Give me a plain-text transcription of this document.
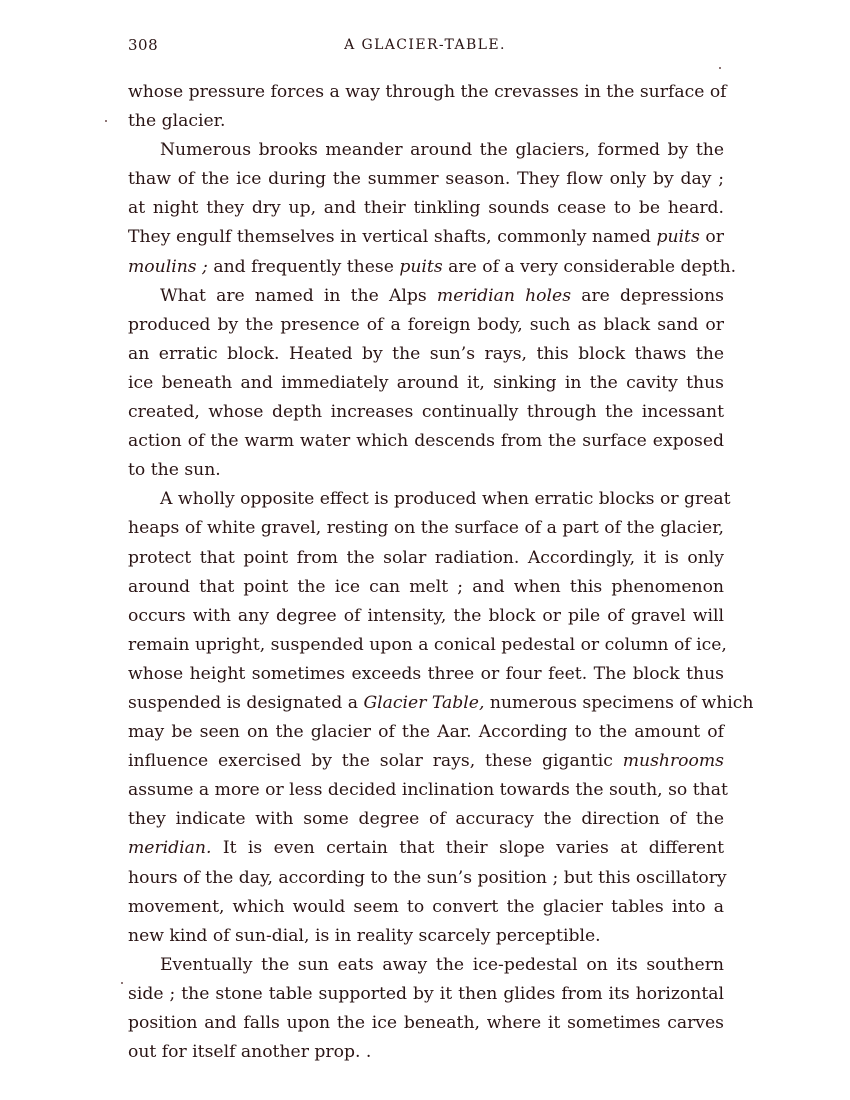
308	A GLACIER-TABLE.

whose pressure forces a way through the crevasses in the surface of
the glacier.

Numerous brooks meander around the glaciers, formed by the
thaw of the ice during the summer season. They flow only by day ;
at night they dry up, and their tinkling sounds cease to be heard.
They engulf themselves in vertical shafts, commonly named puits or
moulins ; and frequently these puits are of a very considerable depth.

What are named in the Alps meridian holes are depressions
produced by the presence of a foreign body, such as black sand or
an erratic block. Heated by the sun’s rays, this block thaws the
ice beneath and immediately around it, sinking in the cavity thus
created, whose depth increases continually through the incessant
action of the warm water which descends from the surface exposed
to the sun.

A wholly opposite effect is produced when erratic blocks or great
heaps of white gravel, resting on the surface of a part of the glacier,
protect that point from the solar radiation. Accordingly, it is only
around that point the ice can melt ; and when this phenomenon
occurs with any degree of intensity, the block or pile of gravel will
remain upright, suspended upon a conical pedestal or column of ice,
whose height sometimes exceeds three or four feet. The block thus
suspended is designated a Glacier Table, numerous specimens of which
may be seen on the glacier of the Aar. According to the amount of
influence exercised by the solar rays, these gigantic mushrooms
assume a more or less decided inclination towards the south, so that
they indicate with some degree of accuracy the direction of the
meridian. It is even certain that their slope varies at different
hours of the day, according to the sun’s position ; but this oscillatory
movement, which would seem to convert the glacier tables into a
new kind of sun-dial, is in reality scarcely perceptible.

Eventually the sun eats away the ice-pedestal on its southern
side ; the stone table supported by it then glides from its horizontal
position and falls upon the ice beneath, where it sometimes carves
out for itself another prop. .
